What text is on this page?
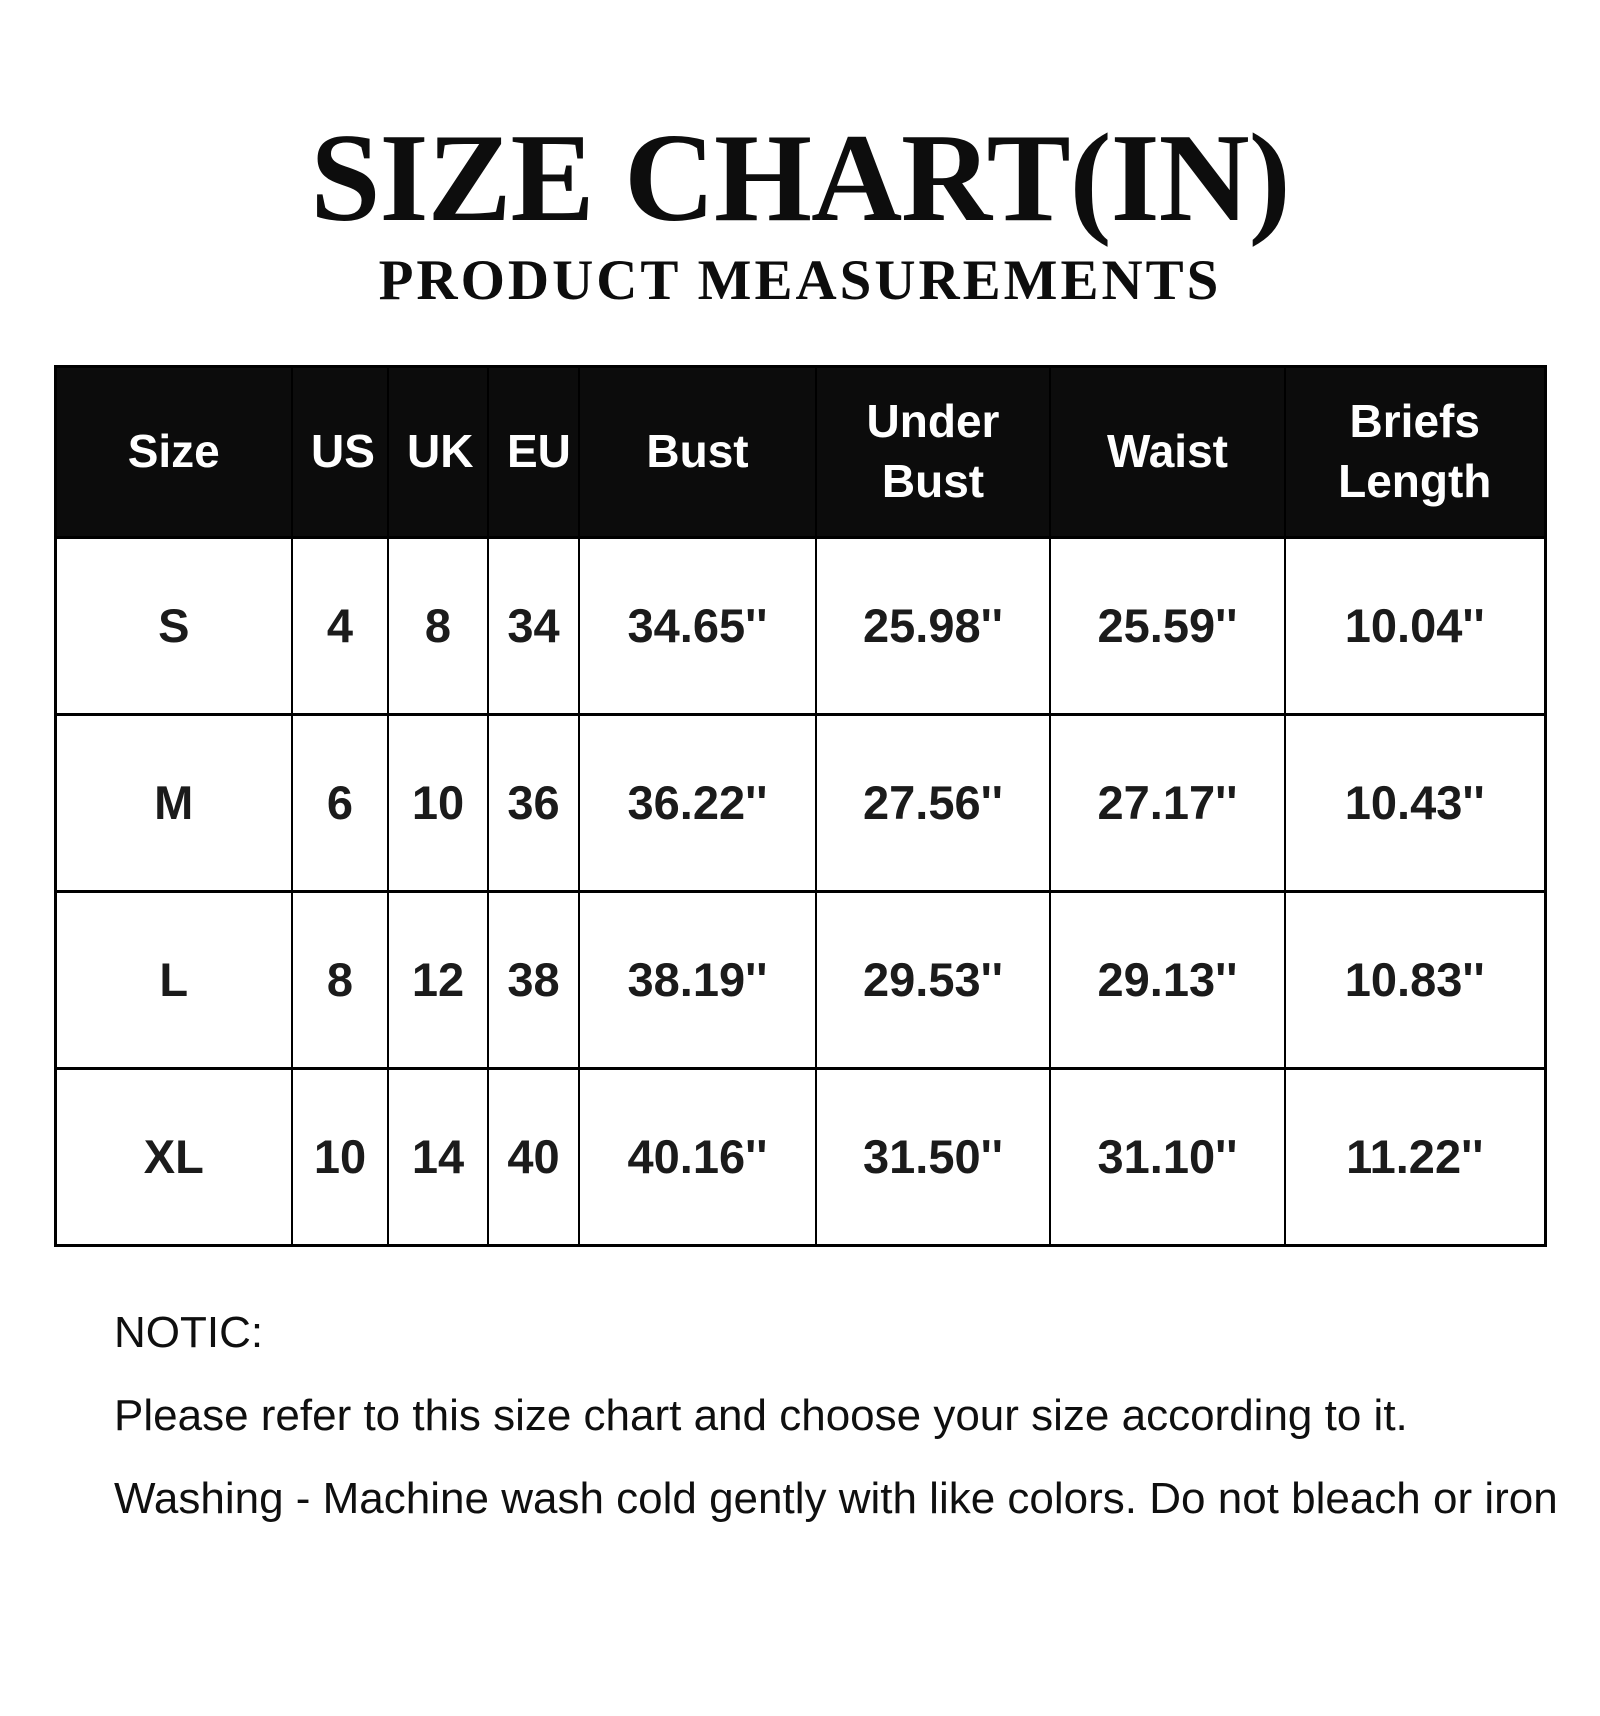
SIZE CHART(IN)
PRODUCT MEASUREMENTS
Size	US	UK	EU	Bust	Under Bust	Waist	Briefs Length
S	4	8	34	34.65''	25.98''	25.59''	10.04''
M	6	10	36	36.22''	27.56''	27.17''	10.43''
L	8	12	38	38.19''	29.53''	29.13''	10.83''
XL	10	14	40	40.16''	31.50''	31.10''	11.22''

NOTIC:

Please refer to this size chart and choose your size according to it.

Washing - Machine wash cold gently with like colors. Do not bleach or iron
